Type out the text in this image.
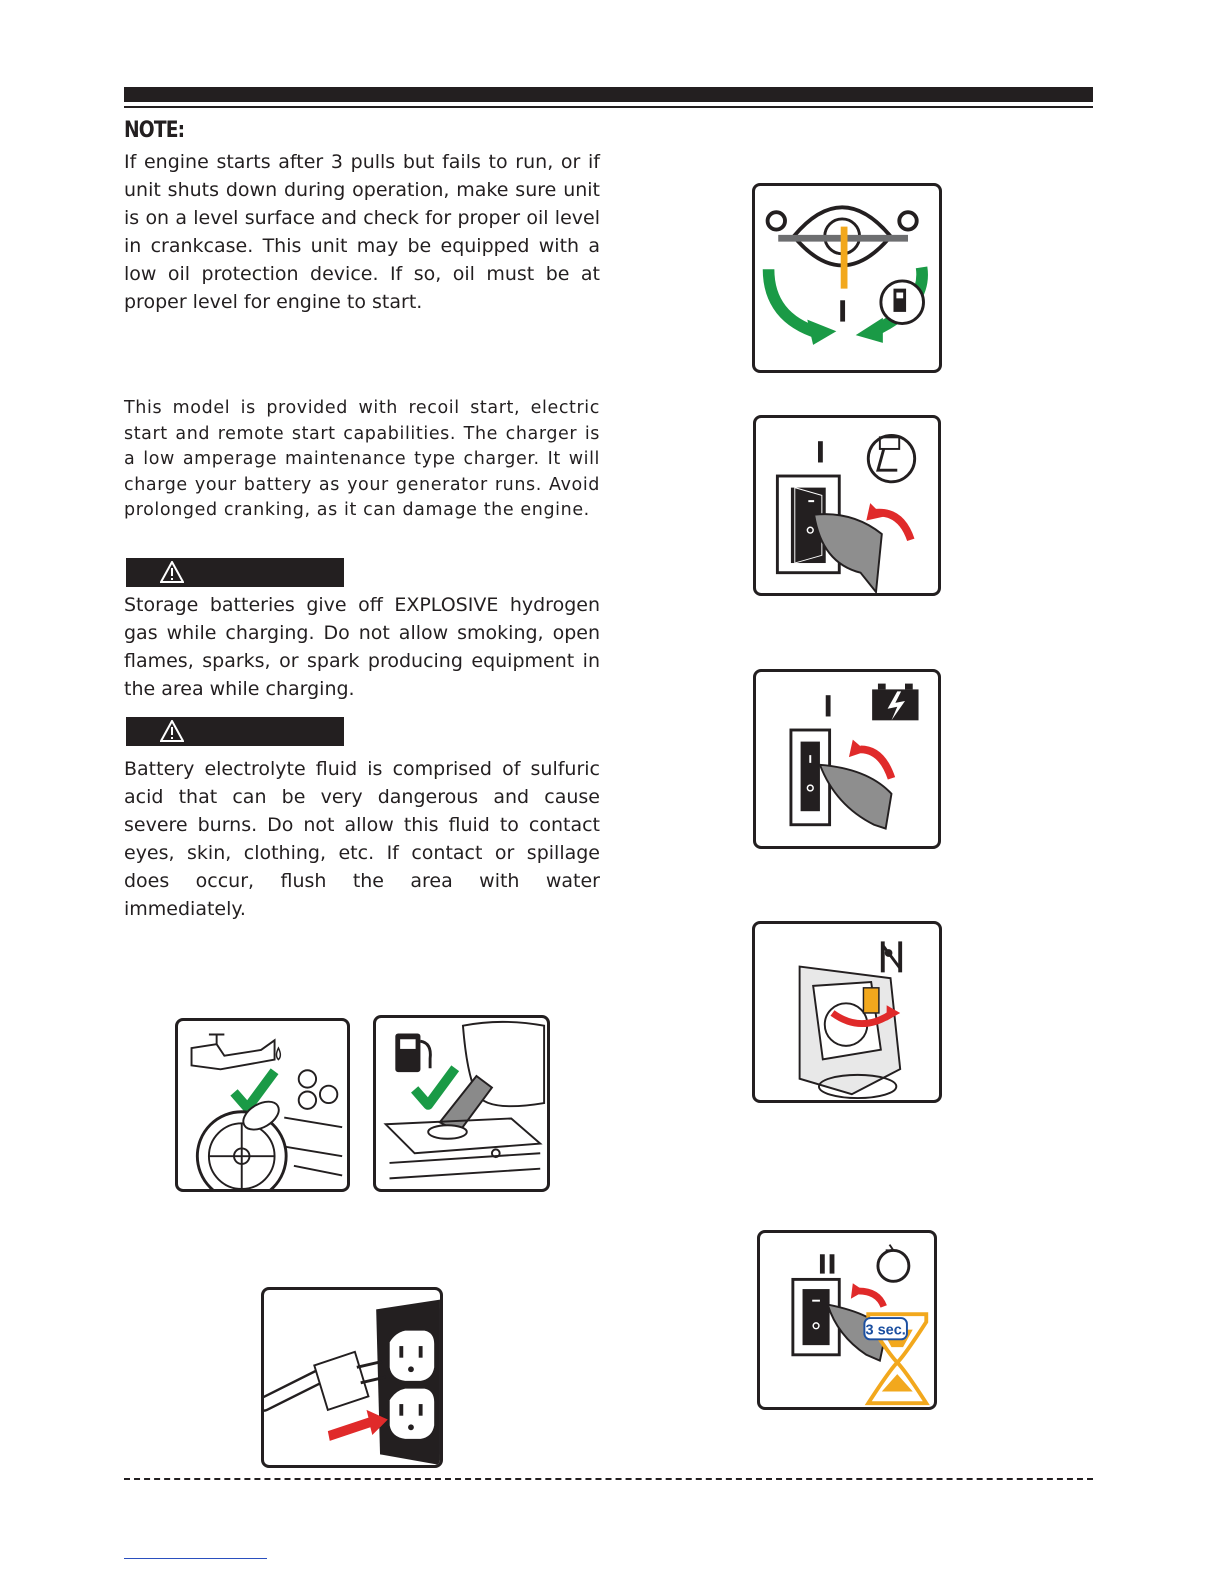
NOTE:

If engine starts after 3 pulls but fails to run, or if unit shuts down during operation, make sure unit is on a level surface and check for proper oil level in crankcase. This unit may be equipped with a low oil protection device. If so, oil must be at proper level for engine to start.

This model is provided with recoil start, electric start and remote start capabilities. The charger is a low amperage maintenance type charger. It will charge your battery as your generator runs. Avoid prolonged cranking, as it can damage the engine.

Storage batteries give off EXPLOSIVE hydrogen gas while charging. Do not allow smoking, open flames, sparks, or spark producing equipment in the area while charging.

Battery electrolyte fluid is comprised of sulfuric acid that can be very dangerous and cause severe burns. Do not allow this fluid to contact eyes, skin, clothing, etc. If contact or spillage does occur, flush the area with water immediately.

I
3 sec.
